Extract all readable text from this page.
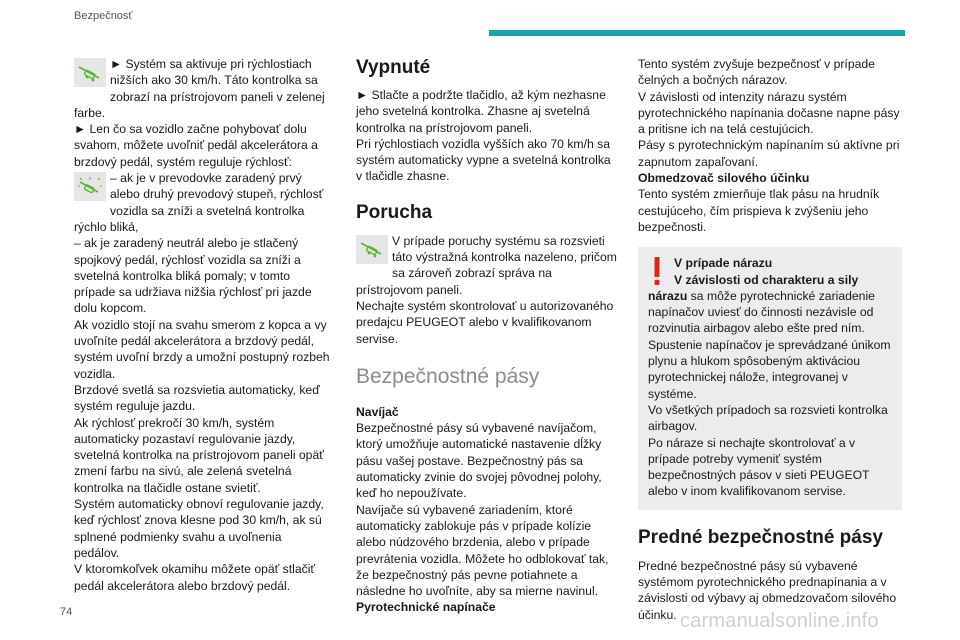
Bezpečnosť

► Systém sa aktivuje pri rýchlostiach nižších ako 30 km/h. Táto kontrolka sa zobrazí na prístrojovom paneli v zelenej farbe.

► Len čo sa vozidlo začne pohybovať dolu svahom, môžete uvoľniť pedál akcelerátora a brzdový pedál, systém reguluje rýchlosť:

– ak je v prevodovke zaradený prvý alebo druhý prevodový stupeň, rýchlosť vozidla sa zníži a svetelná kontrolka rýchlo bliká,

– ak je zaradený neutrál alebo je stlačený spojkový pedál, rýchlosť vozidla sa zníži a svetelná kontrolka bliká pomaly; v tomto prípade sa udržiava nižšia rýchlosť pri jazde dolu kopcom.

Ak vozidlo stojí na svahu smerom z kopca a vy uvoľníte pedál akcelerátora a brzdový pedál, systém uvoľní brzdy a umožní postupný rozbeh vozidla.

Brzdové svetlá sa rozsvietia automaticky, keď systém reguluje jazdu.

Ak rýchlosť prekročí 30 km/h, systém automaticky pozastaví regulovanie jazdy, svetelná kontrolka na prístrojovom paneli opäť zmení farbu na sivú, ale zelená svetelná kontrolka na tlačidle ostane svietiť.

Systém automaticky obnoví regulovanie jazdy, keď rýchlosť znova klesne pod 30 km/h, ak sú splnené podmienky svahu a uvoľnenia pedálov.

V ktoromkoľvek okamihu môžete opäť stlačiť pedál akcelerátora alebo brzdový pedál.

Vypnuté

► Stlačte a podržte tlačidlo, až kým nezhasne jeho svetelná kontrolka. Zhasne aj svetelná kontrolka na prístrojovom paneli.

Pri rýchlostiach vozidla vyšších ako 70 km/h sa systém automaticky vypne a svetelná kontrolka v tlačidle zhasne.

Porucha

V prípade poruchy systému sa rozsvieti táto výstražná kontrolka nazeleno, pričom sa zároveň zobrazí správa na prístrojovom paneli.

Nechajte systém skontrolovať u autorizovaného predajcu PEUGEOT alebo v kvalifikovanom servise.

Bezpečnostné pásy

Navíjač

Bezpečnostné pásy sú vybavené navíjačom, ktorý umožňuje automatické nastavenie dĺžky pásu vašej postave. Bezpečnostný pás sa automaticky zvinie do svojej pôvodnej polohy, keď ho nepoužívate.

Navíjače sú vybavené zariadením, ktoré automaticky zablokuje pás v prípade kolízie alebo núdzového brzdenia, alebo v prípade prevrátenia vozidla. Môžete ho odblokovať tak, že bezpečnostný pás pevne potiahnete a následne ho uvoľníte, aby sa mierne navinul.

Pyrotechnické napínače

Tento systém zvyšuje bezpečnosť v prípade čelných a bočných nárazov.

V závislosti od intenzity nárazu systém pyrotechnického napínania dočasne napne pásy a pritisne ich na telá cestujúcich.

Pásy s pyrotechnickým napínaním sú aktívne pri zapnutom zapaľovaní.

Obmedzovač silového účinku

Tento systém zmierňuje tlak pásu na hrudník cestujúceho, čím prispieva k zvýšeniu jeho bezpečnosti.

V prípade nárazu

V závislosti od charakteru a sily nárazu sa môže pyrotechnické zariadenie napínačov uviesť do činnosti nezávisle od rozvinutia airbagov alebo ešte pred ním.

Spustenie napínačov je sprevádzané únikom plynu a hlukom spôsobeným aktiváciou pyrotechnickej nálože, integrovanej v systéme.

Vo všetkých prípadoch sa rozsvieti kontrolka airbagov.

Po náraze si nechajte skontrolovať a v prípade potreby vymeniť systém bezpečnostných pásov v sieti PEUGEOT alebo v inom kvalifikovanom servise.

Predné bezpečnostné pásy

Predné bezpečnostné pásy sú vybavené systémom pyrotechnického prednapínania a v závislosti od výbavy aj obmedzovačom silového účinku.

74	carmanualsonline.info
